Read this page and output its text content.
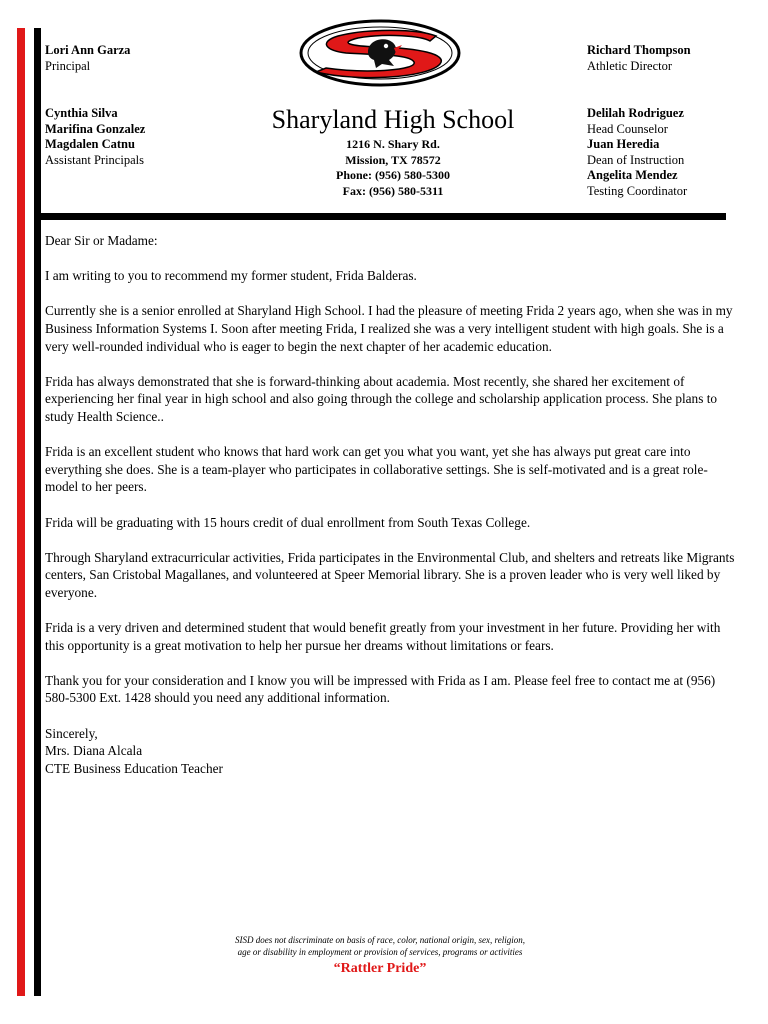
Lori Ann Garza
Principal
Cynthia Silva
Marifina Gonzalez
Magdalen Catnu
Assistant Principals
Sharyland High School
1216 N. Shary Rd.
Mission, TX 78572
Phone: (956) 580-5300
Fax: (956) 580-5311
Richard Thompson
Athletic Director
Delilah Rodriguez
Head Counselor
Juan Heredia
Dean of Instruction
Angelita Mendez
Testing Coordinator

Dear Sir or Madame:

I am writing to you to recommend my former student, Frida Balderas.

Currently she is a senior enrolled at Sharyland High School. I had the pleasure of meeting Frida 2 years ago, when she was in my Business Information Systems I. Soon after meeting Frida, I realized she was a very intelligent student with high goals. She is a very well-rounded individual who is eager to begin the next chapter of her academic education.

Frida has always demonstrated that she is forward-thinking about academia. Most recently, she shared her excitement of experiencing her final year in high school and also going through the college and scholarship application process. She plans to study Health Science..

Frida is an excellent student who knows that hard work can get you what you want, yet she has always put great care into everything she does. She is a team-player who participates in collaborative settings. She is self-motivated and is a great role-model to her peers.

Frida will be graduating with 15 hours credit of dual enrollment from South Texas College.

Through Sharyland extracurricular activities, Frida participates in the Environmental Club, and shelters and retreats like Migrants centers, San Cristobal Magallanes, and volunteered at Speer Memorial library. She is a proven leader who is very well liked by everyone.

Frida is a very driven and determined student that would benefit greatly from your investment in her future. Providing her with this opportunity is a great motivation to help her pursue her dreams without limitations or fears.

Thank you for your consideration and I know you will be impressed with Frida as I am. Please feel free to contact me at (956) 580-5300 Ext. 1428 should you need any additional information.

Sincerely,

Mrs. Diana Alcala

CTE Business Education Teacher

SISD does not discriminate on basis of race, color, national origin, sex, religion,
age or disability in employment or provision of services, programs or activities
“Rattler Pride”
